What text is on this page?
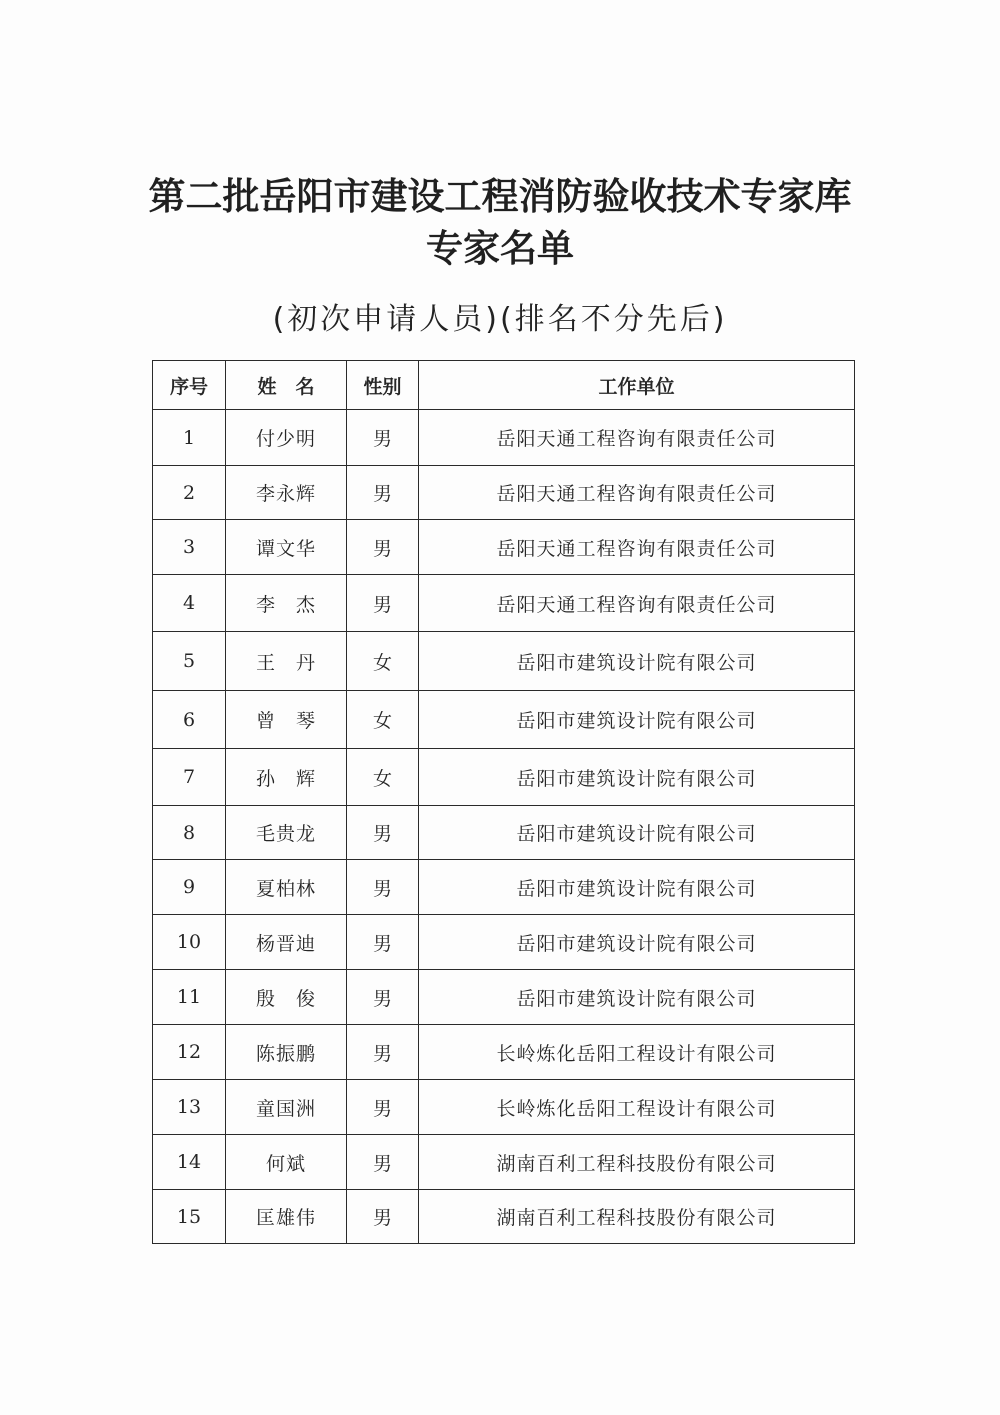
第二批岳阳市建设工程消防验收技术专家库
专家名单
(初次申请人员)(排名不分先后)
序号	姓　名	性别	工作单位
1	付少明	男	岳阳天通工程咨询有限责任公司
2	李永辉	男	岳阳天通工程咨询有限责任公司
3	谭文华	男	岳阳天通工程咨询有限责任公司
4	李　杰	男	岳阳天通工程咨询有限责任公司
5	王　丹	女	岳阳市建筑设计院有限公司
6	曾　琴	女	岳阳市建筑设计院有限公司
7	孙　辉	女	岳阳市建筑设计院有限公司
8	毛贵龙	男	岳阳市建筑设计院有限公司
9	夏柏林	男	岳阳市建筑设计院有限公司
10	杨晋迪	男	岳阳市建筑设计院有限公司
11	殷　俊	男	岳阳市建筑设计院有限公司
12	陈振鹏	男	长岭炼化岳阳工程设计有限公司
13	童国洲	男	长岭炼化岳阳工程设计有限公司
14	何斌	男	湖南百利工程科技股份有限公司
15	匡雄伟	男	湖南百利工程科技股份有限公司
